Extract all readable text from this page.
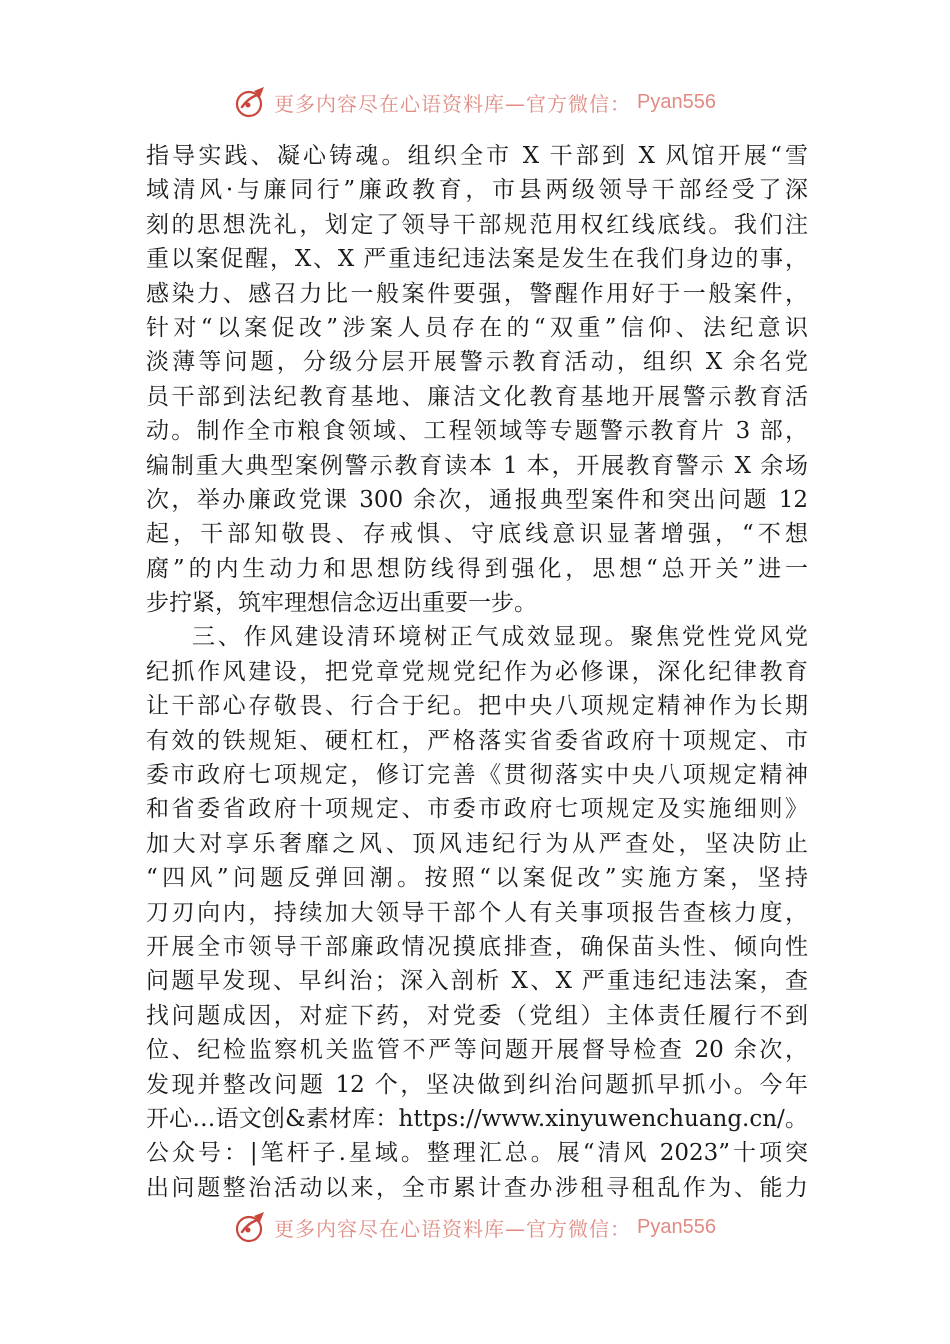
更多内容尽在心语资料库—官方微信： Pyan556
指导实践、凝心铸魂。组织全市 X 干部到 X 风馆开展“雪
域清风·与廉同行”廉政教育，市县两级领导干部经受了深
刻的思想洗礼，划定了领导干部规范用权红线底线。我们注
重以案促醒，X、X 严重违纪违法案是发生在我们身边的事，
感染力、感召力比一般案件要强，警醒作用好于一般案件，
针对“以案促改”涉案人员存在的“双重”信仰、法纪意识
淡薄等问题，分级分层开展警示教育活动，组织 X 余名党
员干部到法纪教育基地、廉洁文化教育基地开展警示教育活
动。制作全市粮食领域、工程领域等专题警示教育片 3 部，
编制重大典型案例警示教育读本 1 本，开展教育警示 X 余场
次，举办廉政党课 300 余次，通报典型案件和突出问题 12
起，干部知敬畏、存戒惧、守底线意识显著增强，“不想
腐”的内生动力和思想防线得到强化，思想“总开关”进一
步拧紧，筑牢理想信念迈出重要一步。
三、作风建设清环境树正气成效显现。聚焦党性党风党
纪抓作风建设，把党章党规党纪作为必修课，深化纪律教育
让干部心存敬畏、行合于纪。把中央八项规定精神作为长期
有效的铁规矩、硬杠杠，严格落实省委省政府十项规定、市
委市政府七项规定，修订完善《贯彻落实中央八项规定精神
和省委省政府十项规定、市委市政府七项规定及实施细则》
加大对享乐奢靡之风、顶风违纪行为从严查处，坚决防止
“四风”问题反弹回潮。按照“以案促改”实施方案，坚持
刀刃向内，持续加大领导干部个人有关事项报告查核力度，
开展全市领导干部廉政情况摸底排查，确保苗头性、倾向性
问题早发现、早纠治；深入剖析 X、X 严重违纪违法案，查
找问题成因，对症下药，对党委（党组）主体责任履行不到
位、纪检监察机关监管不严等问题开展督导检查 20 余次，
发现并整改问题 12 个，坚决做到纠治问题抓早抓小。今年
开心…语文创&素材库：https://www.xinyuwenchuang.cn/。
公众号：|笔杆子.星域。整理汇总。展“清风 2023”十项突
出问题整治活动以来，全市累计查办涉租寻租乱作为、能力
更多内容尽在心语资料库—官方微信： Pyan556
